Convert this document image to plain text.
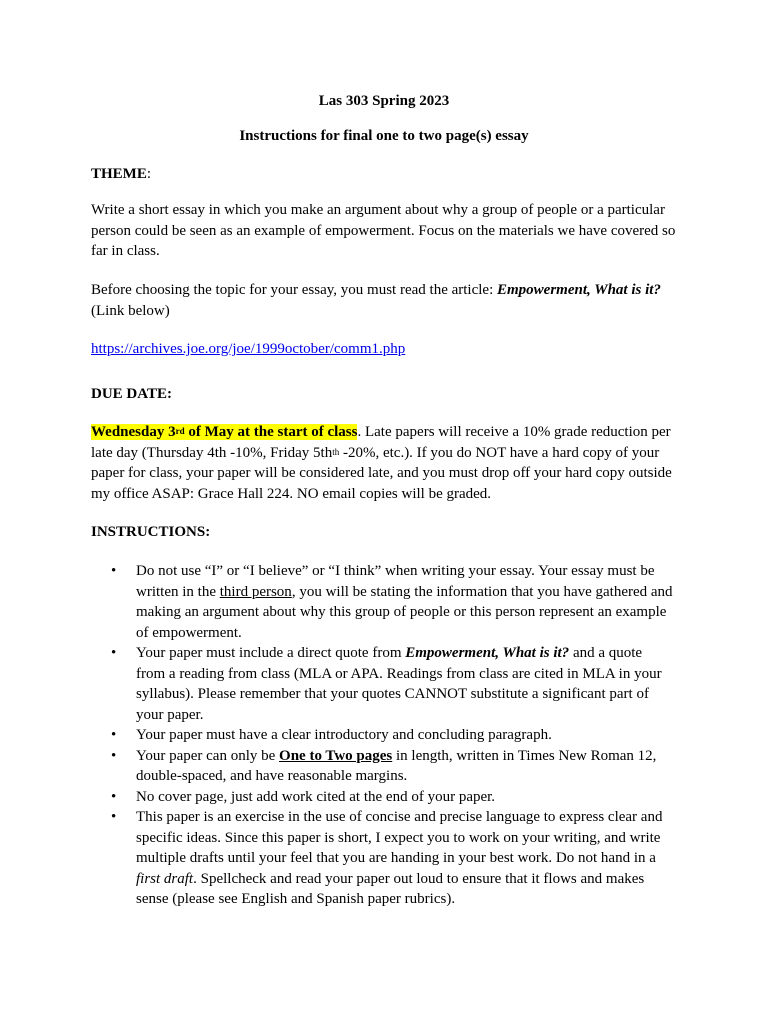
Las 303 Spring 2023
Instructions for final one to two page(s) essay
THEME:
Write a short essay in which you make an argument about why a group of people or a particular
person could be seen as an example of empowerment. Focus on the materials we have covered so
far in class.
Before choosing the topic for your essay, you must read the article: Empowerment, What is it?
(Link below)
https://archives.joe.org/joe/1999october/comm1.php
DUE DATE:
Wednesday 3rd of May at the start of class. Late papers will receive a 10% grade reduction per
late day (Thursday 4th -10%, Friday $5th^{th}$ -20%, etc.). If you do NOT have a hard copy of your
paper for class, your paper will be considered late, and you must drop off your hard copy outside
my office ASAP: Grace Hall 224. NO email copies will be graded.
INSTRUCTIONS:
• Do not use “I” or “I believe” or “I think” when writing your essay. Your essay must be
written in the third person, you will be stating the information that you have gathered and
making an argument about why this group of people or this person represent an example
of empowerment.
• Your paper must include a direct quote from Empowerment, What is it? and a quote
from a reading from class (MLA or APA. Readings from class are cited in MLA in your
syllabus). Please remember that your quotes CANNOT substitute a significant part of
your paper.
• Your paper must have a clear introductory and concluding paragraph.
• Your paper can only be One to Two pages in length, written in Times New Roman 12,
double-spaced, and have reasonable margins.
• No cover page, just add work cited at the end of your paper.
• This paper is an exercise in the use of concise and precise language to express clear and
specific ideas. Since this paper is short, I expect you to work on your writing, and write
multiple drafts until your feel that you are handing in your best work. Do not hand in a
first draft. Spellcheck and read your paper out loud to ensure that it flows and makes
sense (please see English and Spanish paper rubrics).
